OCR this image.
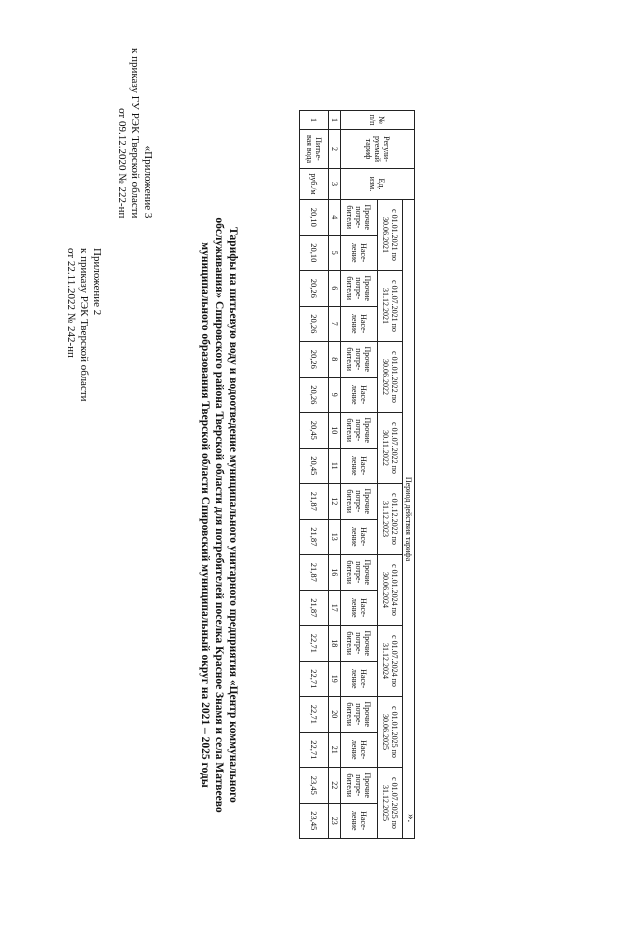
Приложение 2
к приказу РЭК Тверской области
от 22.11.2022 № 242-нп
«Приложение 3
к приказу ГУ РЭК Тверской области
от 09.12.2020 № 222-нп
Тарифы на питьевую воду и водоотведение муниципального унитарного предприятия «Центр коммунального
обслуживания» Спировского района Тверской области для потребителей поселка Красное Знамя и села Матвеево
муниципального образования Тверской области Спировский муниципальный округ на 2021 – 2025 годы
№ п/п	Регули-руемый тариф	Ед. изм.	Период действия тарифа																	
			с 01.01.2021 по 30.06.2021		с 01.07.2021 по 31.12.2021		с 01.01.2022 по 30.06.2022		с 01.07.2022 по 30.11.2022		с 01.12.2022 по 31.12.2023		с 01.01.2024 по 30.06.2024		с 01.07.2024 по 31.12.2024		с 01.01.2025 по 30.06.2025		с 01.07.2025 по 31.12.2025	
			Прочие потре-бители	Насе-ление	Прочие потре-бители	Насе-ление	Прочие потре-бители	Насе-ление	Прочие потре-бители	Насе-ление	Прочие потре-бители	Насе-ление	Прочие потре-бители	Насе-ление	Прочие потре-бители	Насе-ление	Прочие потре-бители	Насе-ление	Прочие потре-бители	Насе-ление
1	2	3	4	5	6	7	8	9	10	11	12	13	16	17	18	19	20	21	22	23
1	Питье-вая вода	руб./м	20,10	20,10	20,26	20,26	20,26	20,26	20,45	20,45	21,87	21,87	21,87	21,87	22,71	22,71	22,71	22,71	23,45	23,45	».
